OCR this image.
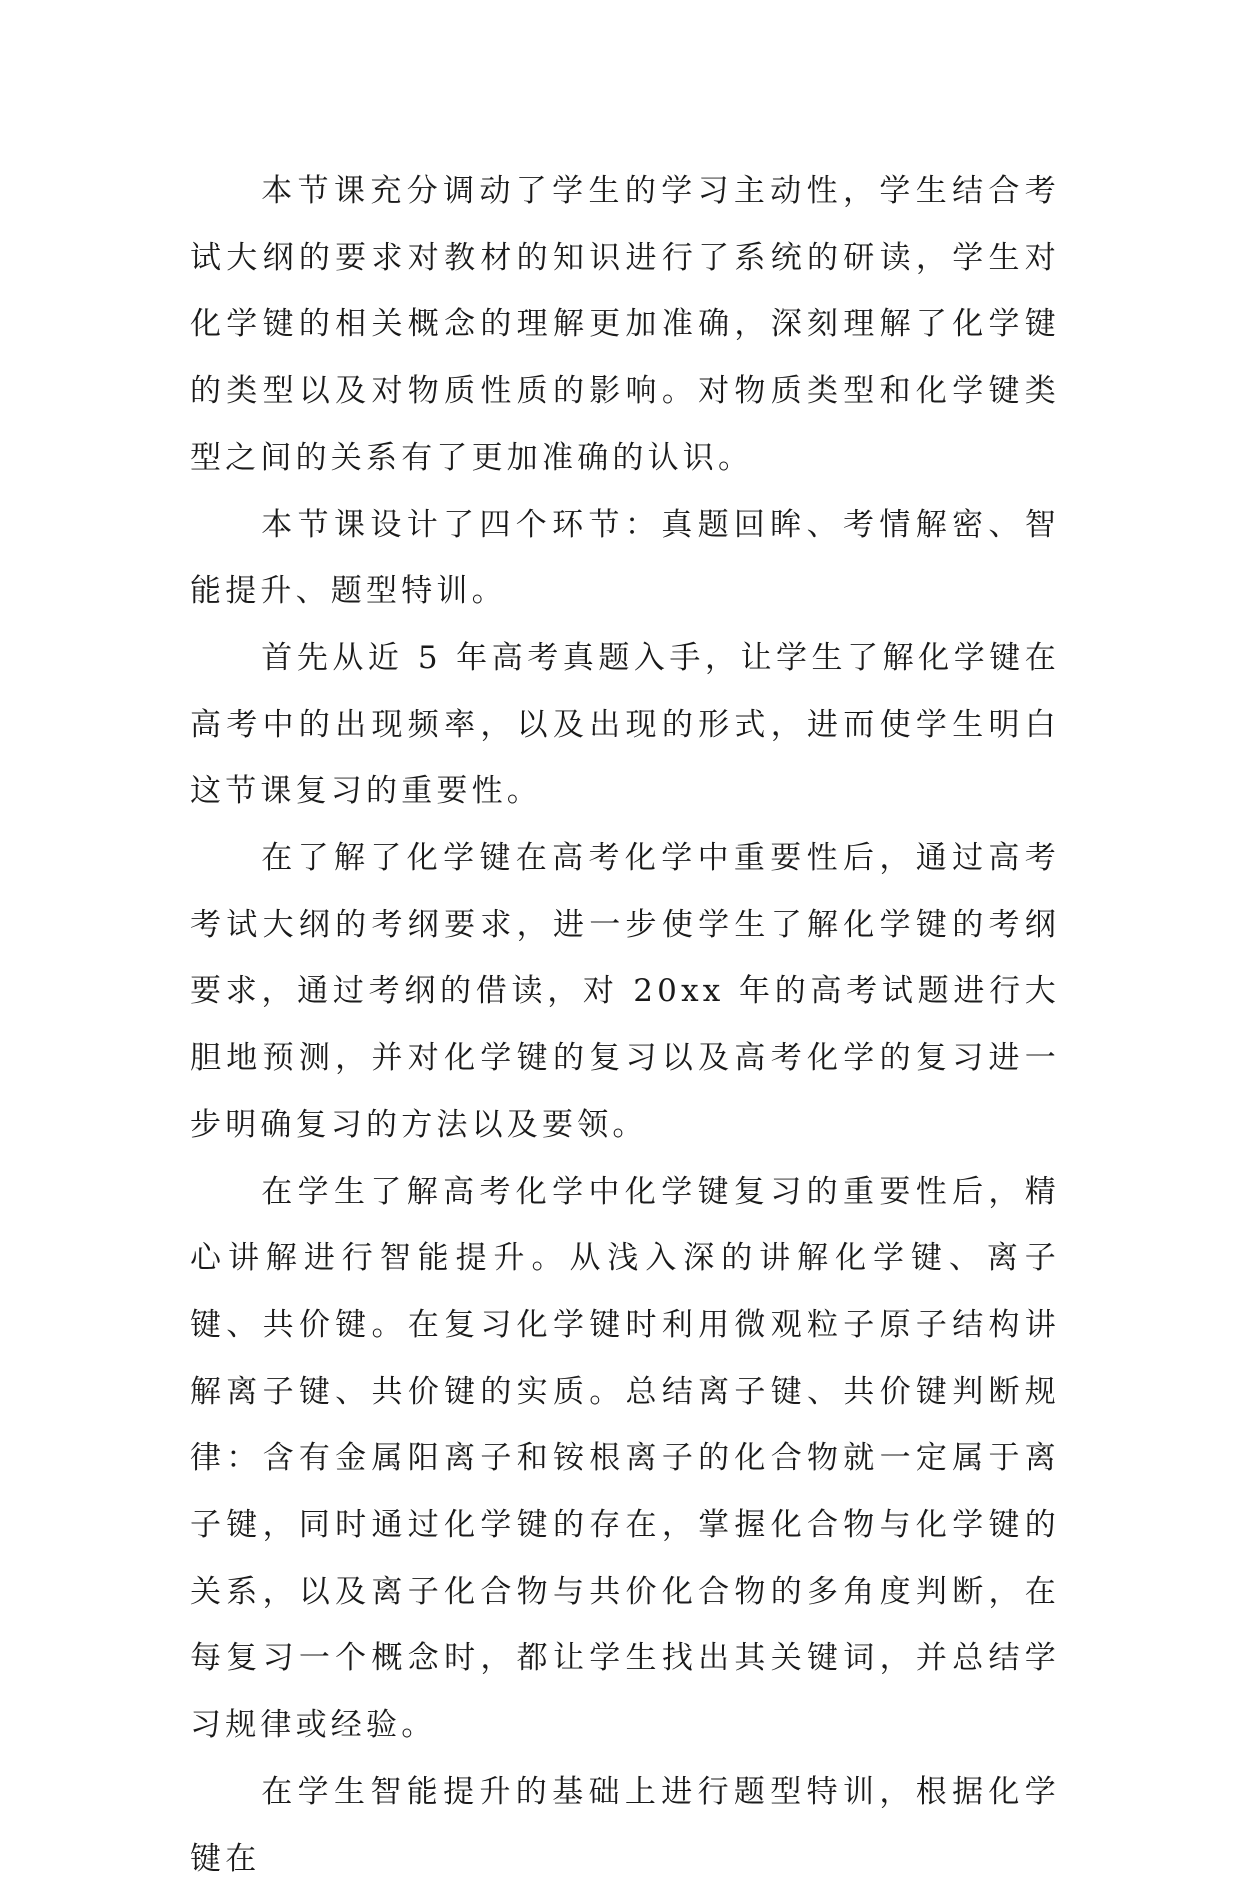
本节课充分调动了学生的学习主动性，学生结合考试大纲的要求对教材的知识进行了系统的研读，学生对化学键的相关概念的理解更加准确，深刻理解了化学键的类型以及对物质性质的影响。对物质类型和化学键类型之间的关系有了更加准确的认识。

本节课设计了四个环节：真题回眸、考情解密、智能提升、题型特训。

首先从近 5 年高考真题入手，让学生了解化学键在高考中的出现频率，以及出现的形式，进而使学生明白这节课复习的重要性。

在了解了化学键在高考化学中重要性后，通过高考考试大纲的考纲要求，进一步使学生了解化学键的考纲要求，通过考纲的借读，对 20xx 年的高考试题进行大胆地预测，并对化学键的复习以及高考化学的复习进一步明确复习的方法以及要领。

在学生了解高考化学中化学键复习的重要性后，精心讲解进行智能提升。从浅入深的讲解化学键、离子键、共价键。在复习化学键时利用微观粒子原子结构讲解离子键、共价键的实质。总结离子键、共价键判断规律：含有金属阳离子和铵根离子的化合物就一定属于离子键，同时通过化学键的存在，掌握化合物与化学键的关系，以及离子化合物与共价化合物的多角度判断，在每复习一个概念时，都让学生找出其关键词，并总结学习规律或经验。

在学生智能提升的基础上进行题型特训，根据化学键在
